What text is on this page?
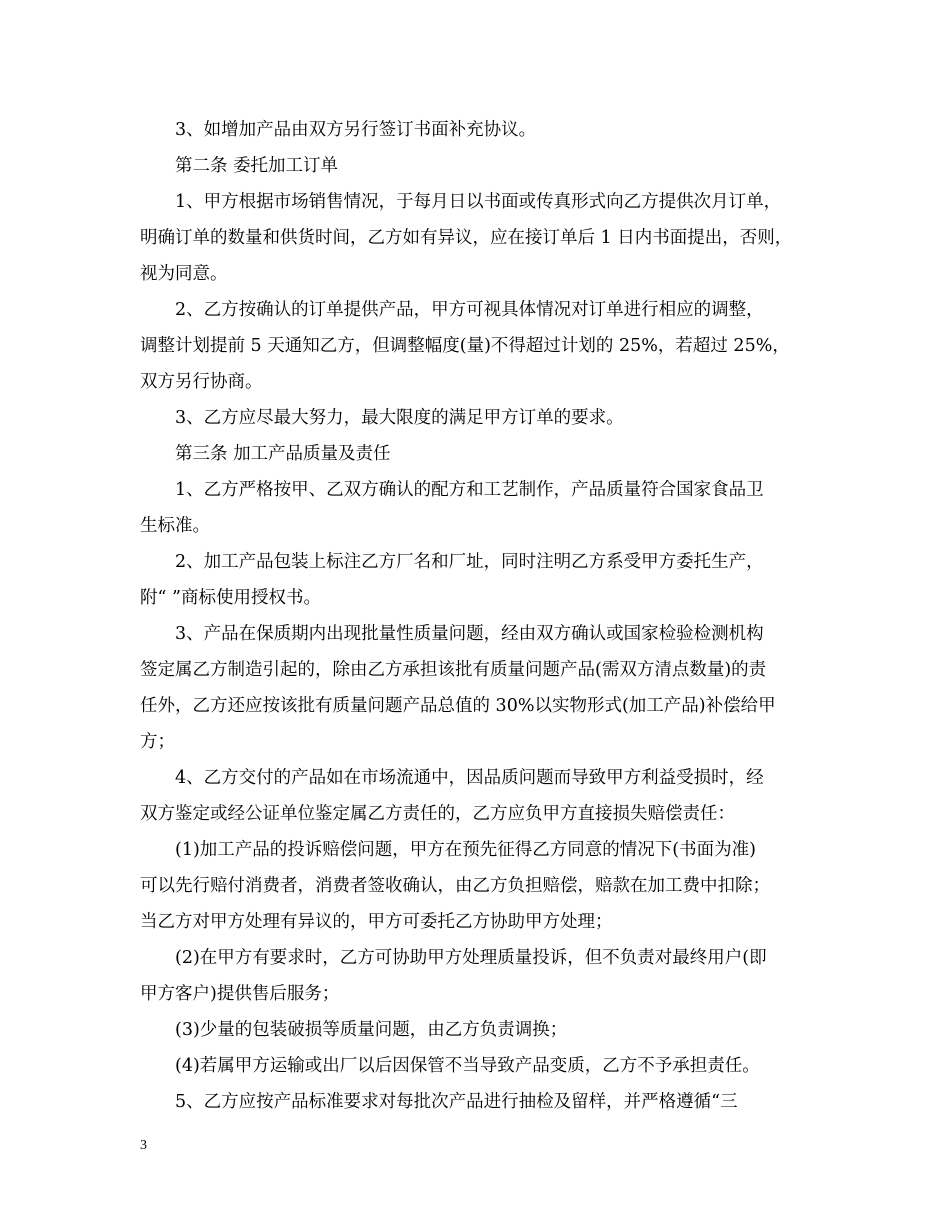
3、如增加产品由双方另行签订书面补充协议。
第二条 委托加工订单
1、甲方根据市场销售情况，于每月日以书面或传真形式向乙方提供次月订单，
明确订单的数量和供货时间，乙方如有异议，应在接订单后 1 日内书面提出，否则，
视为同意。
2、乙方按确认的订单提供产品，甲方可视具体情况对订单进行相应的调整，
调整计划提前 5 天通知乙方，但调整幅度(量)不得超过计划的 25%，若超过 25%，
双方另行协商。
3、乙方应尽最大努力，最大限度的满足甲方订单的要求。
第三条 加工产品质量及责任
1、乙方严格按甲、乙双方确认的配方和工艺制作，产品质量符合国家食品卫
生标准。
2、加工产品包装上标注乙方厂名和厂址，同时注明乙方系受甲方委托生产，
附“ ”商标使用授权书。
3、产品在保质期内出现批量性质量问题，经由双方确认或国家检验检测机构
签定属乙方制造引起的，除由乙方承担该批有质量问题产品(需双方清点数量)的责
任外，乙方还应按该批有质量问题产品总值的 30%以实物形式(加工产品)补偿给甲
方；
4、乙方交付的产品如在市场流通中，因品质问题而导致甲方利益受损时，经
双方鉴定或经公证单位鉴定属乙方责任的，乙方应负甲方直接损失赔偿责任：
(1)加工产品的投诉赔偿问题，甲方在预先征得乙方同意的情况下(书面为准)
可以先行赔付消费者，消费者签收确认，由乙方负担赔偿，赔款在加工费中扣除；
当乙方对甲方处理有异议的，甲方可委托乙方协助甲方处理；
(2)在甲方有要求时，乙方可协助甲方处理质量投诉，但不负责对最终用户(即
甲方客户)提供售后服务；
(3)少量的包装破损等质量问题，由乙方负责调换；
(4)若属甲方运输或出厂以后因保管不当导致产品变质，乙方不予承担责任。
5、乙方应按产品标准要求对每批次产品进行抽检及留样，并严格遵循“三
3
